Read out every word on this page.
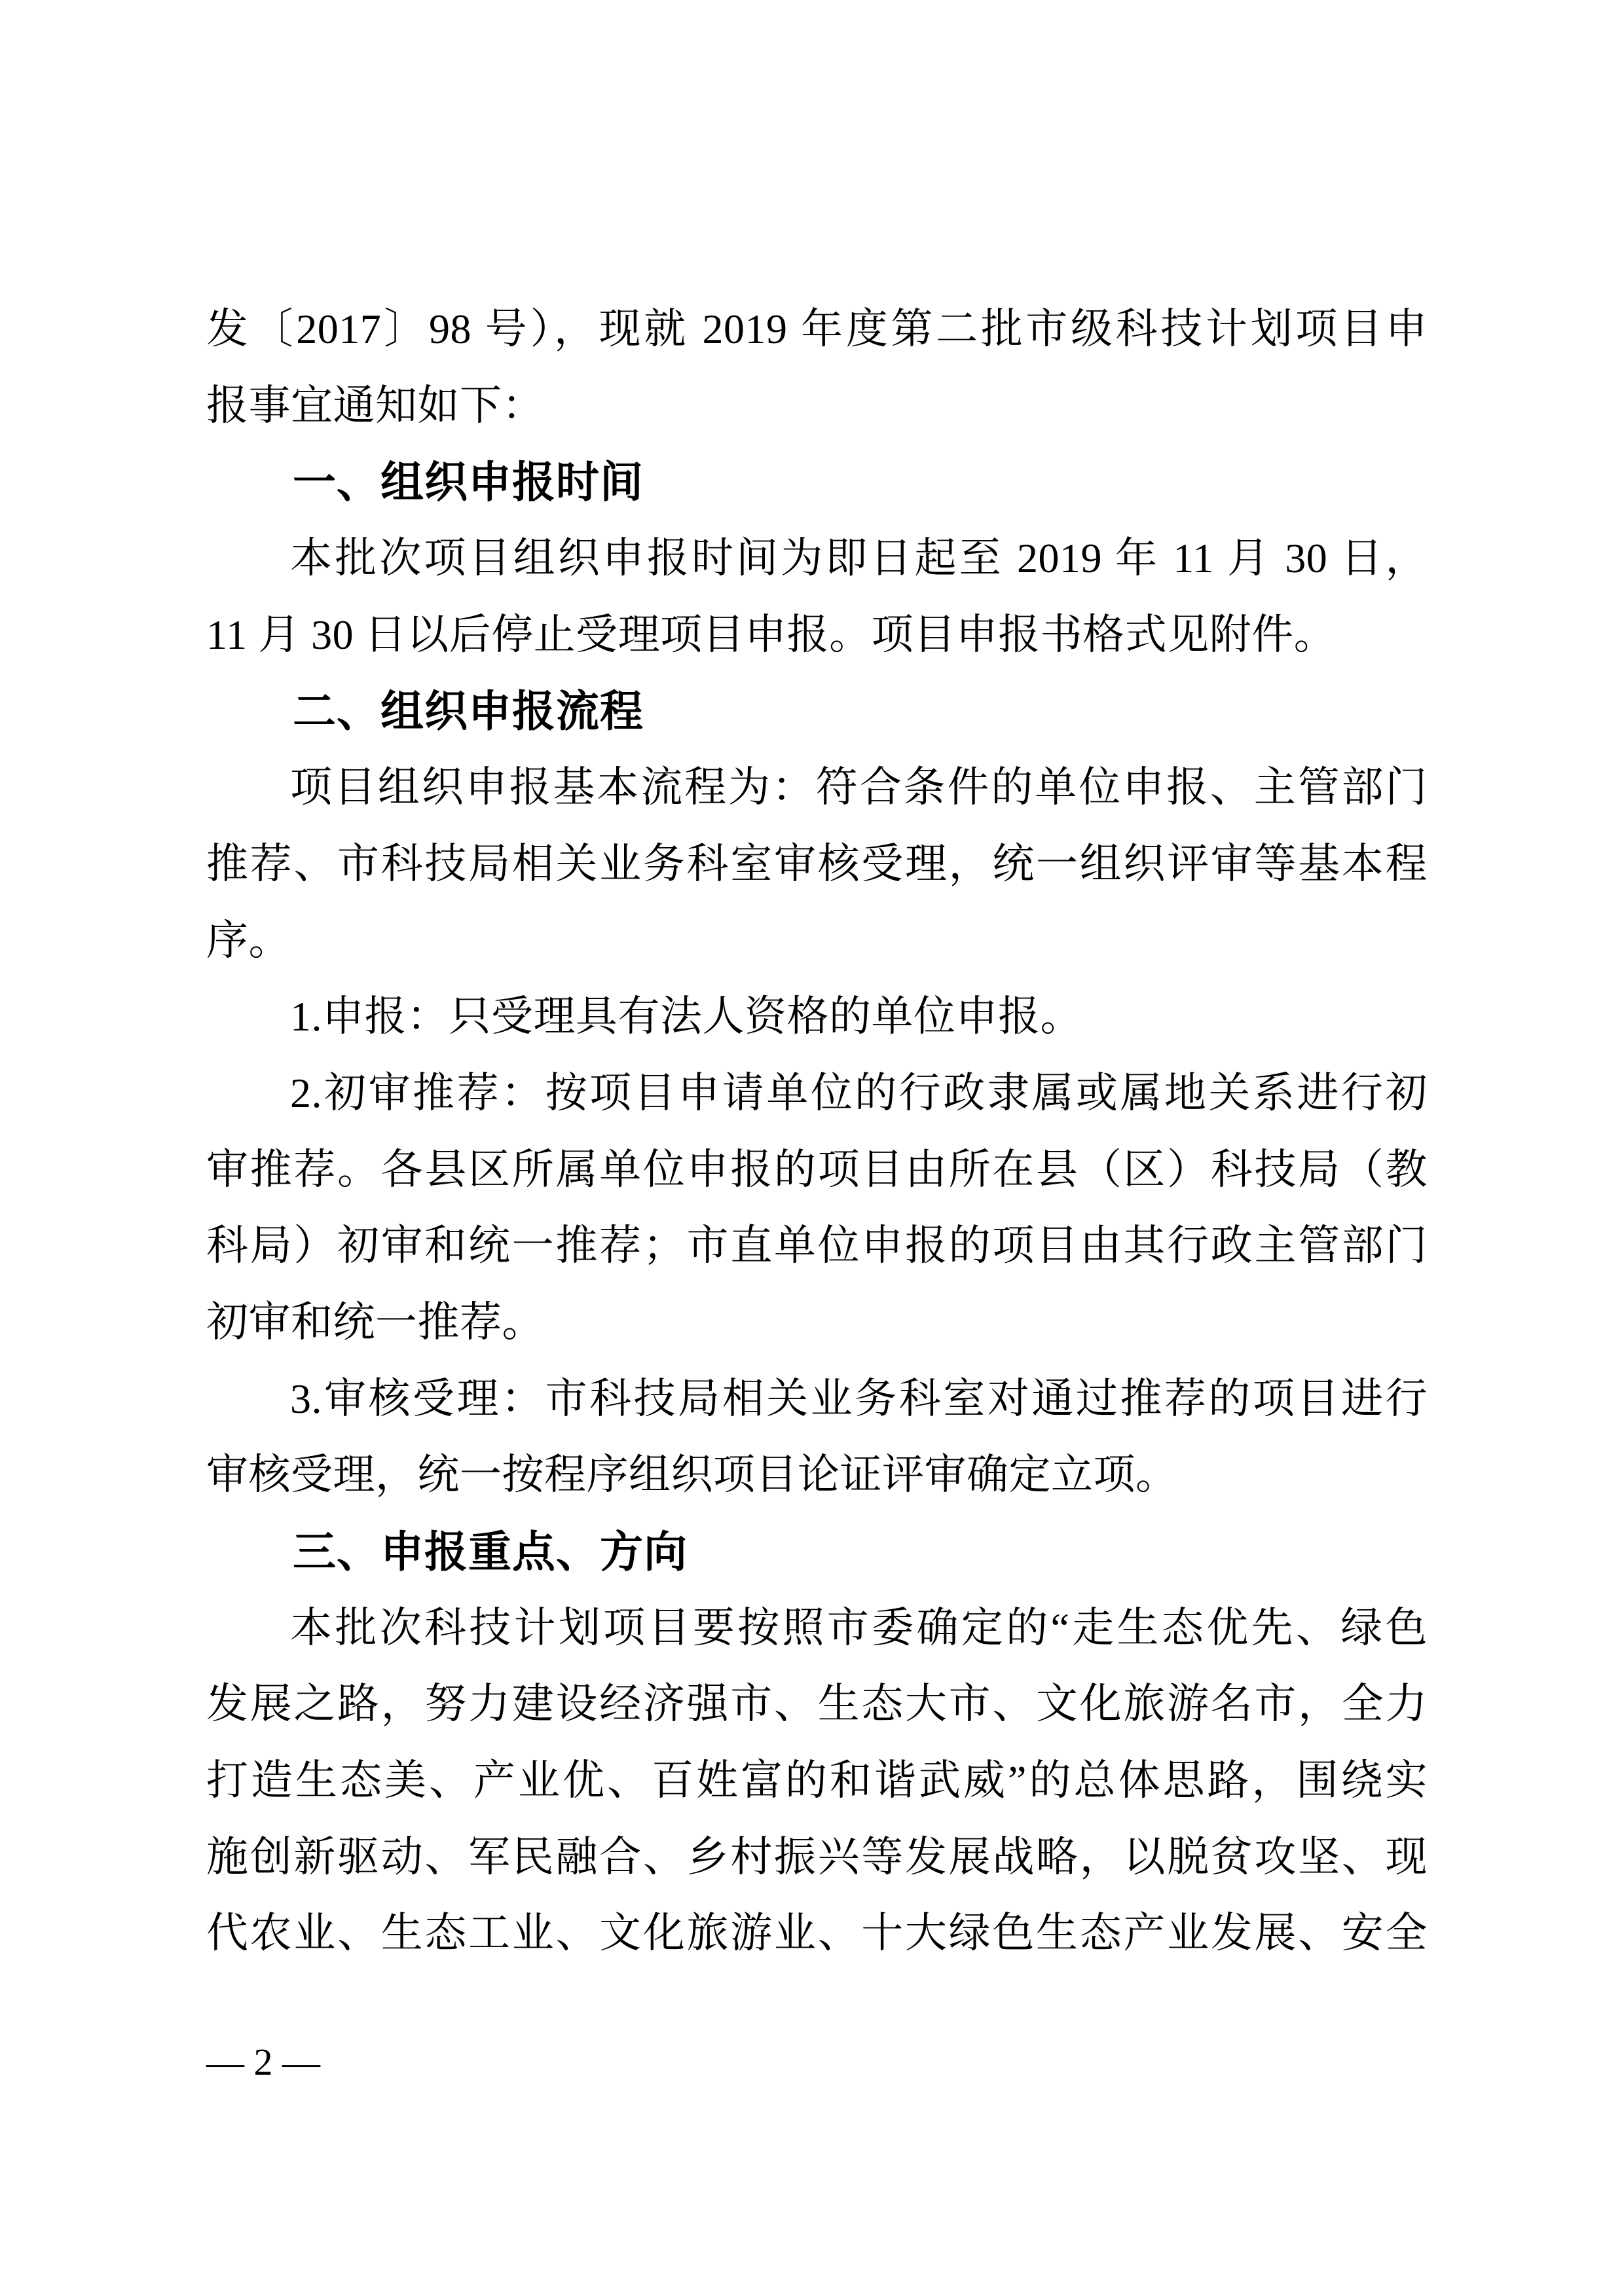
发〔2017〕98 号），现就 2019 年度第二批市级科技计划项目申
报事宜通知如下：
一、组织申报时间
本批次项目组织申报时间为即日起至 2019 年 11 月 30 日，
11 月 30 日以后停止受理项目申报。项目申报书格式见附件。
二、组织申报流程
项目组织申报基本流程为：符合条件的单位申报、主管部门
推荐、市科技局相关业务科室审核受理，统一组织评审等基本程
序。
1.申报：只受理具有法人资格的单位申报。
2.初审推荐：按项目申请单位的行政隶属或属地关系进行初
审推荐。各县区所属单位申报的项目由所在县（区）科技局（教
科局）初审和统一推荐；市直单位申报的项目由其行政主管部门
初审和统一推荐。
3.审核受理：市科技局相关业务科室对通过推荐的项目进行
审核受理，统一按程序组织项目论证评审确定立项。
三、申报重点、方向
本批次科技计划项目要按照市委确定的“走生态优先、绿色
发展之路，努力建设经济强市、生态大市、文化旅游名市，全力
打造生态美、产业优、百姓富的和谐武威”的总体思路，围绕实
施创新驱动、军民融合、乡村振兴等发展战略，以脱贫攻坚、现
代农业、生态工业、文化旅游业、十大绿色生态产业发展、安全
— 2 —
